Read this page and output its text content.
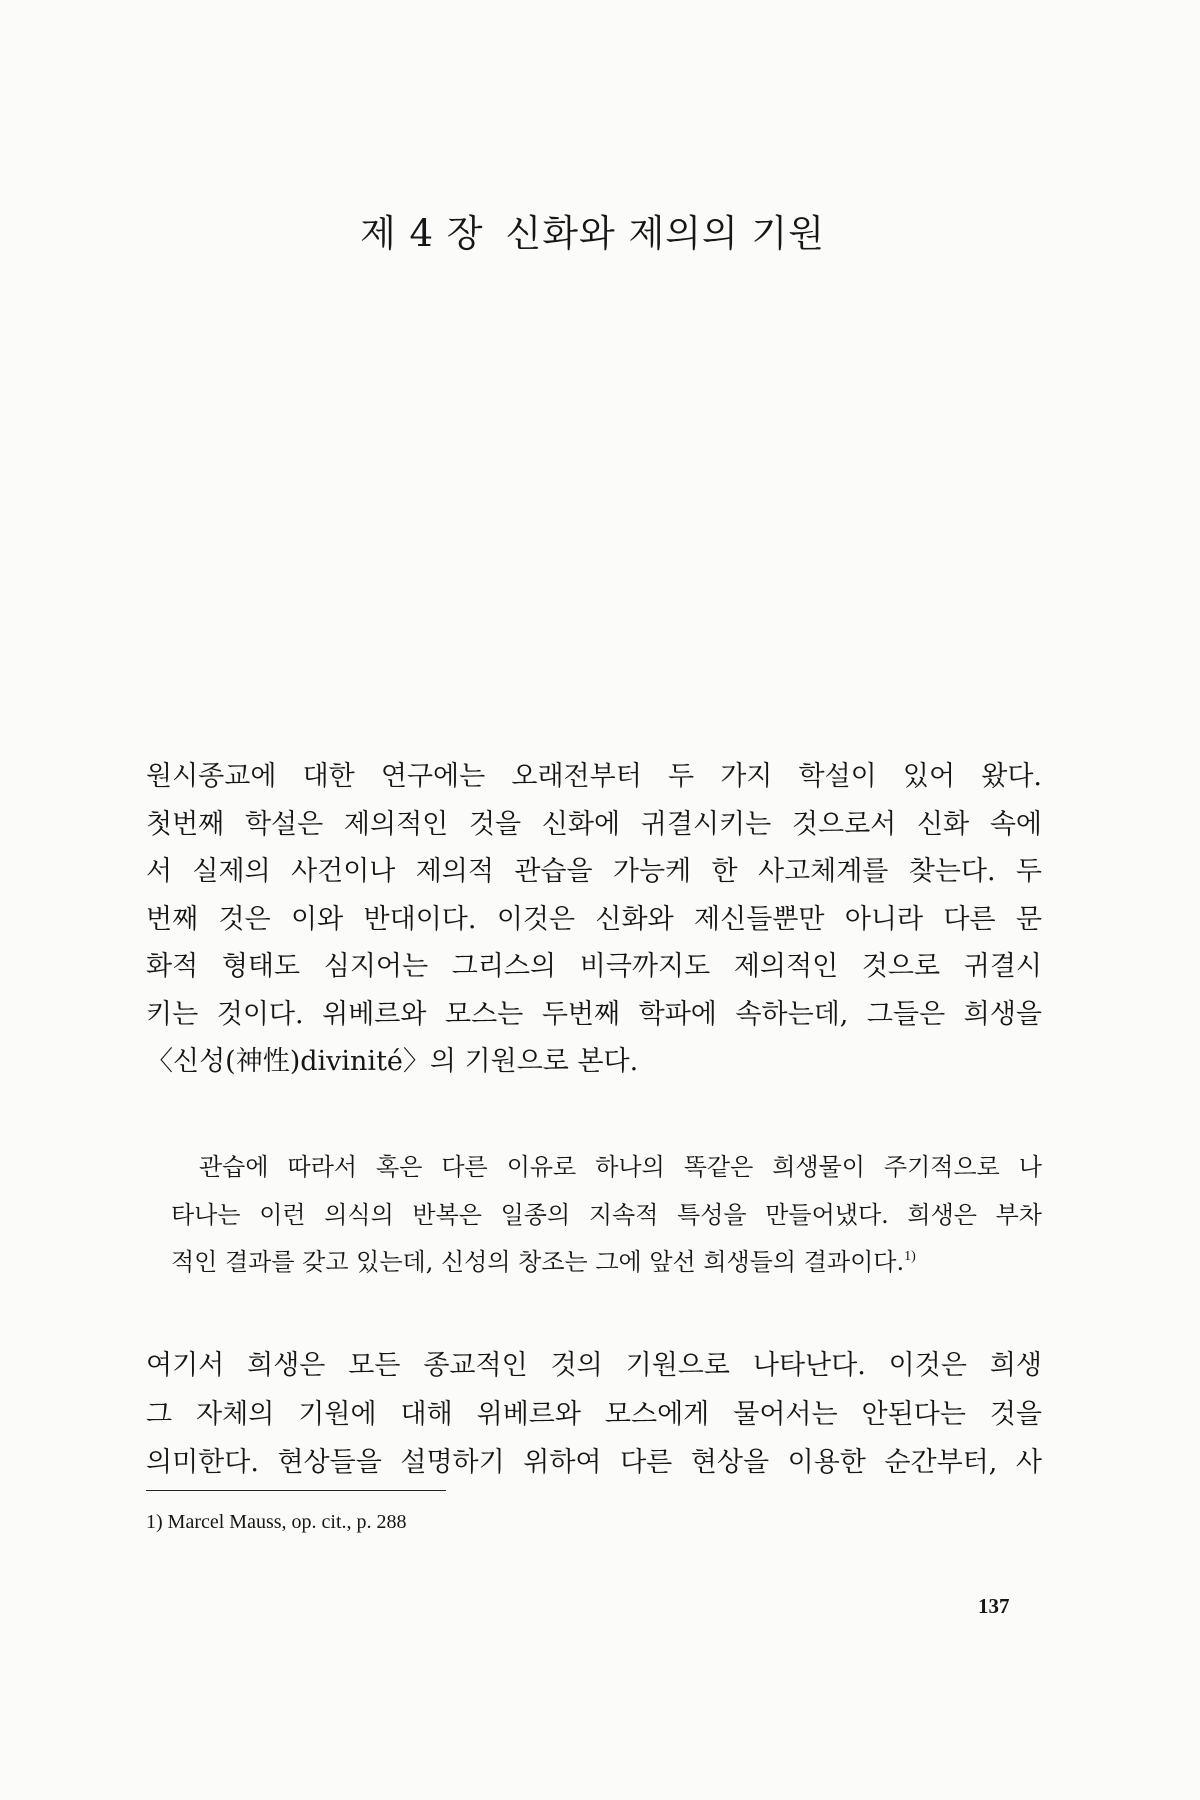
제 4 장 신화와 제의의 기원
원시종교에 대한 연구에는 오래전부터 두 가지 학설이 있어 왔다.
첫번째 학설은 제의적인 것을 신화에 귀결시키는 것으로서 신화 속에
서 실제의 사건이나 제의적 관습을 가능케 한 사고체계를 찾는다. 두
번째 것은 이와 반대이다. 이것은 신화와 제신들뿐만 아니라 다른 문
화적 형태도 심지어는 그리스의 비극까지도 제의적인 것으로 귀결시
키는 것이다. 위베르와 모스는 두번째 학파에 속하는데, 그들은 희생을
〈신성(神性)divinité〉의 기원으로 본다.
관습에 따라서 혹은 다른 이유로 하나의 똑같은 희생물이 주기적으로 나
타나는 이런 의식의 반복은 일종의 지속적 특성을 만들어냈다. 희생은 부차
적인 결과를 갖고 있는데, 신성의 창조는 그에 앞선 희생들의 결과이다.$^{1)}$
여기서 희생은 모든 종교적인 것의 기원으로 나타난다. 이것은 희생
그 자체의 기원에 대해 위베르와 모스에게 물어서는 안된다는 것을
의미한다. 현상들을 설명하기 위하여 다른 현상을 이용한 순간부터, 사
1) Marcel Mauss, op. cit., p. 288
137
